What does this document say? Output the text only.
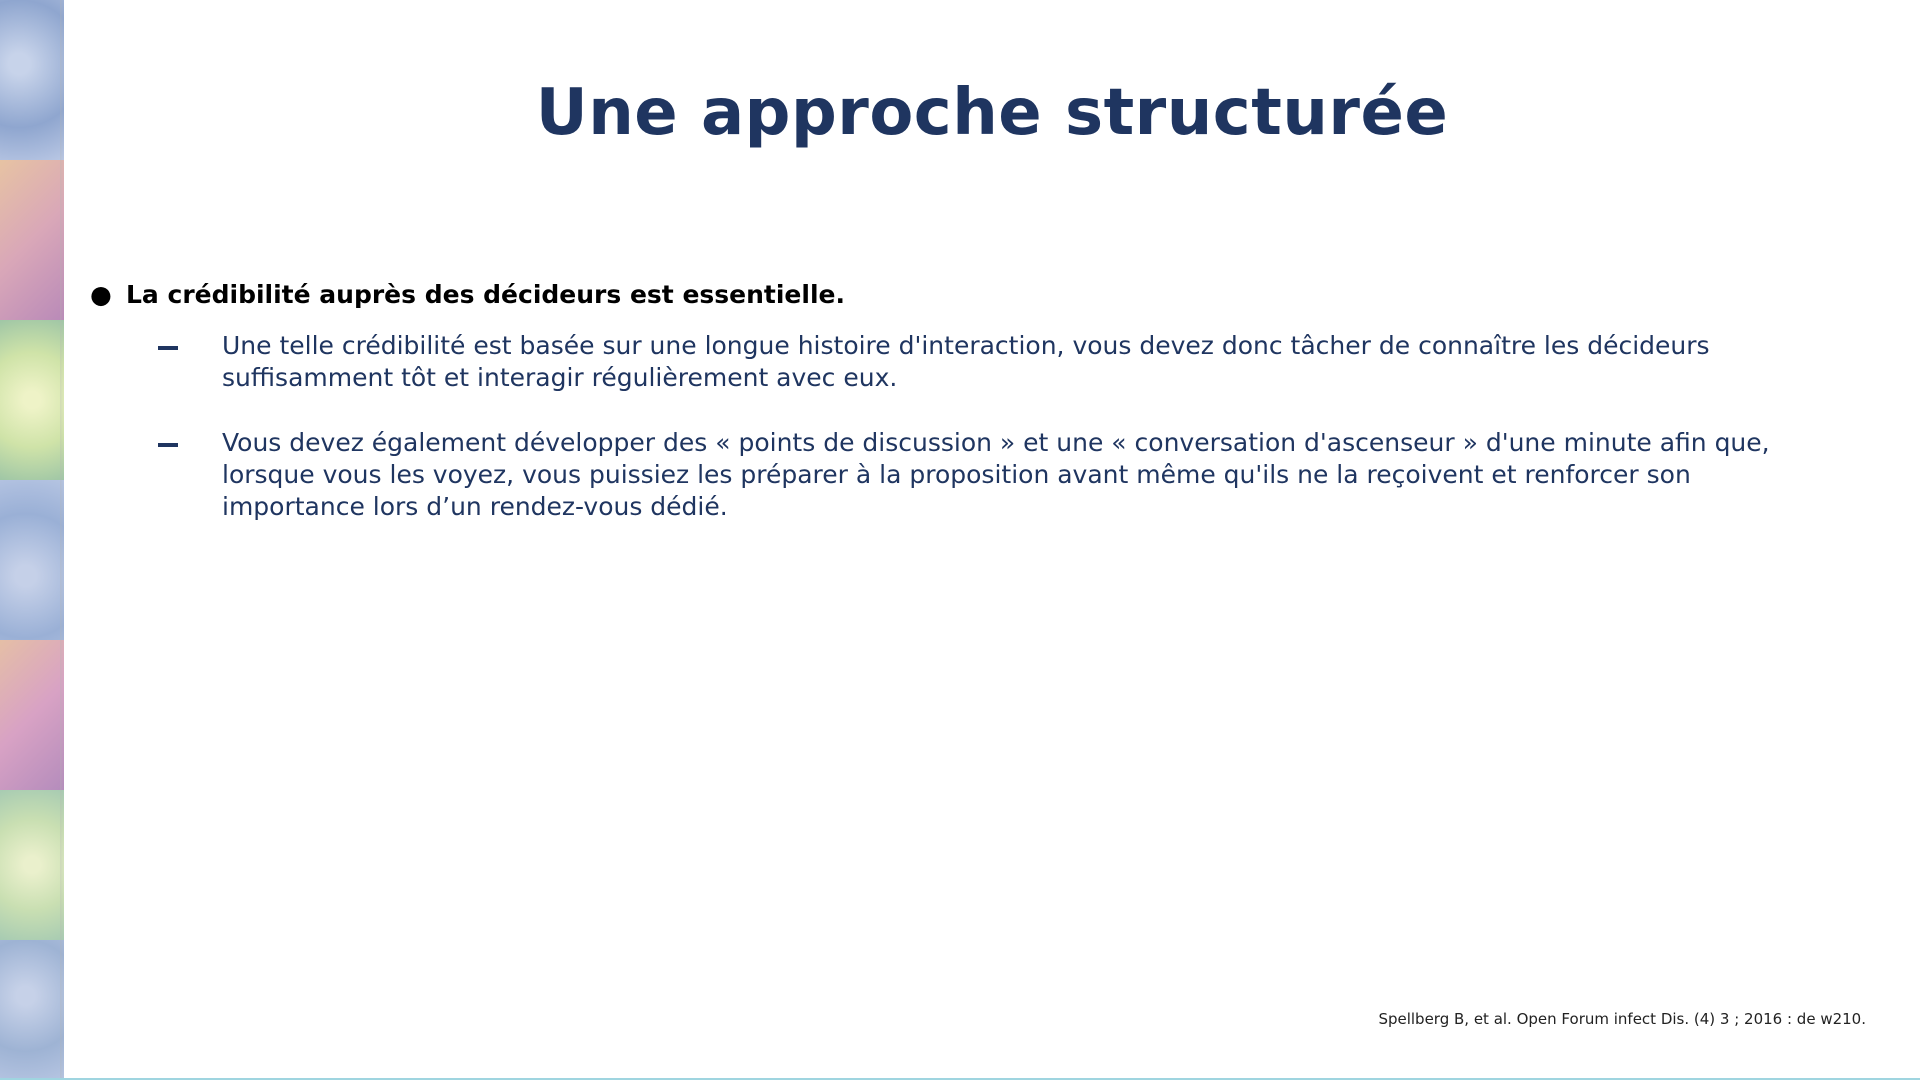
Une approche structurée
● La crédibilité auprès des décideurs est essentielle.
Une telle crédibilité est basée sur une longue histoire d'interaction, vous devez donc tâcher de connaître les décideurs suffisamment tôt et interagir régulièrement avec eux.
Vous devez également développer des « points de discussion » et une « conversation d'ascenseur » d'une minute afin que, lorsque vous les voyez, vous puissiez les préparer à la proposition avant même qu'ils ne la reçoivent et renforcer son importance lors d’un rendez-vous dédié.
Spellberg B, et al. Open Forum infect Dis. (4) 3 ; 2016 : de w210.
